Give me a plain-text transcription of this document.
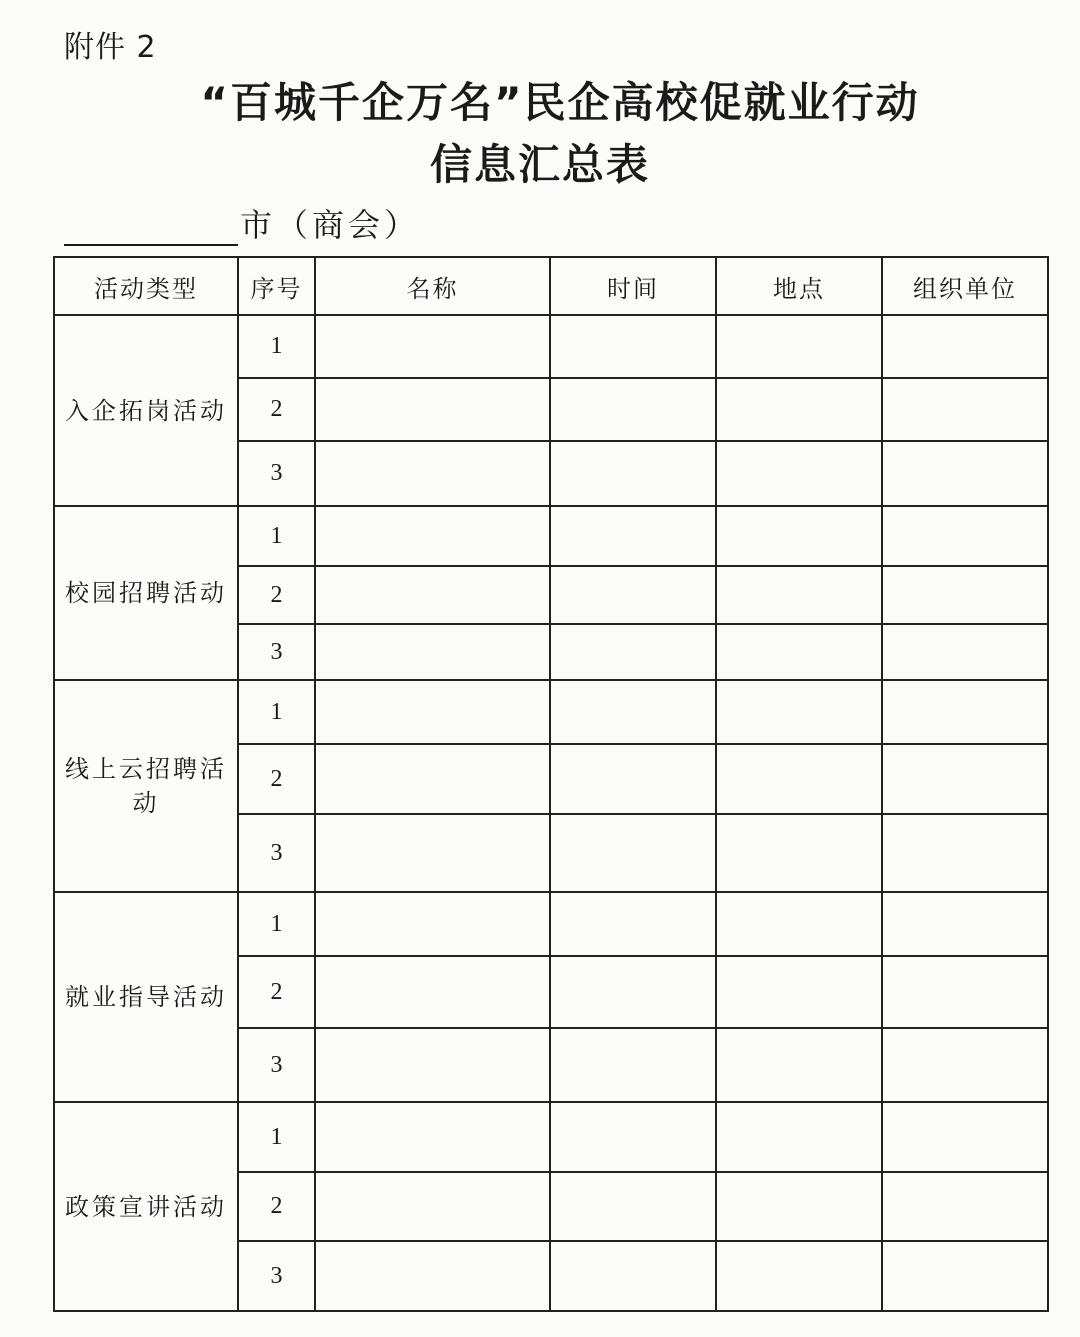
附件 2
“百城千企万名”民企高校促就业行动
信息汇总表
市（商会）
活动类型	序号	名称	时间	地点	组织单位
入企拓岗活动	1				
	2				
	3				
校园招聘活动	1				
	2				
	3				
线上云招聘活动	1				
	2				
	3				
就业指导活动	1				
	2				
	3				
政策宣讲活动	1				
	2				
	3				
